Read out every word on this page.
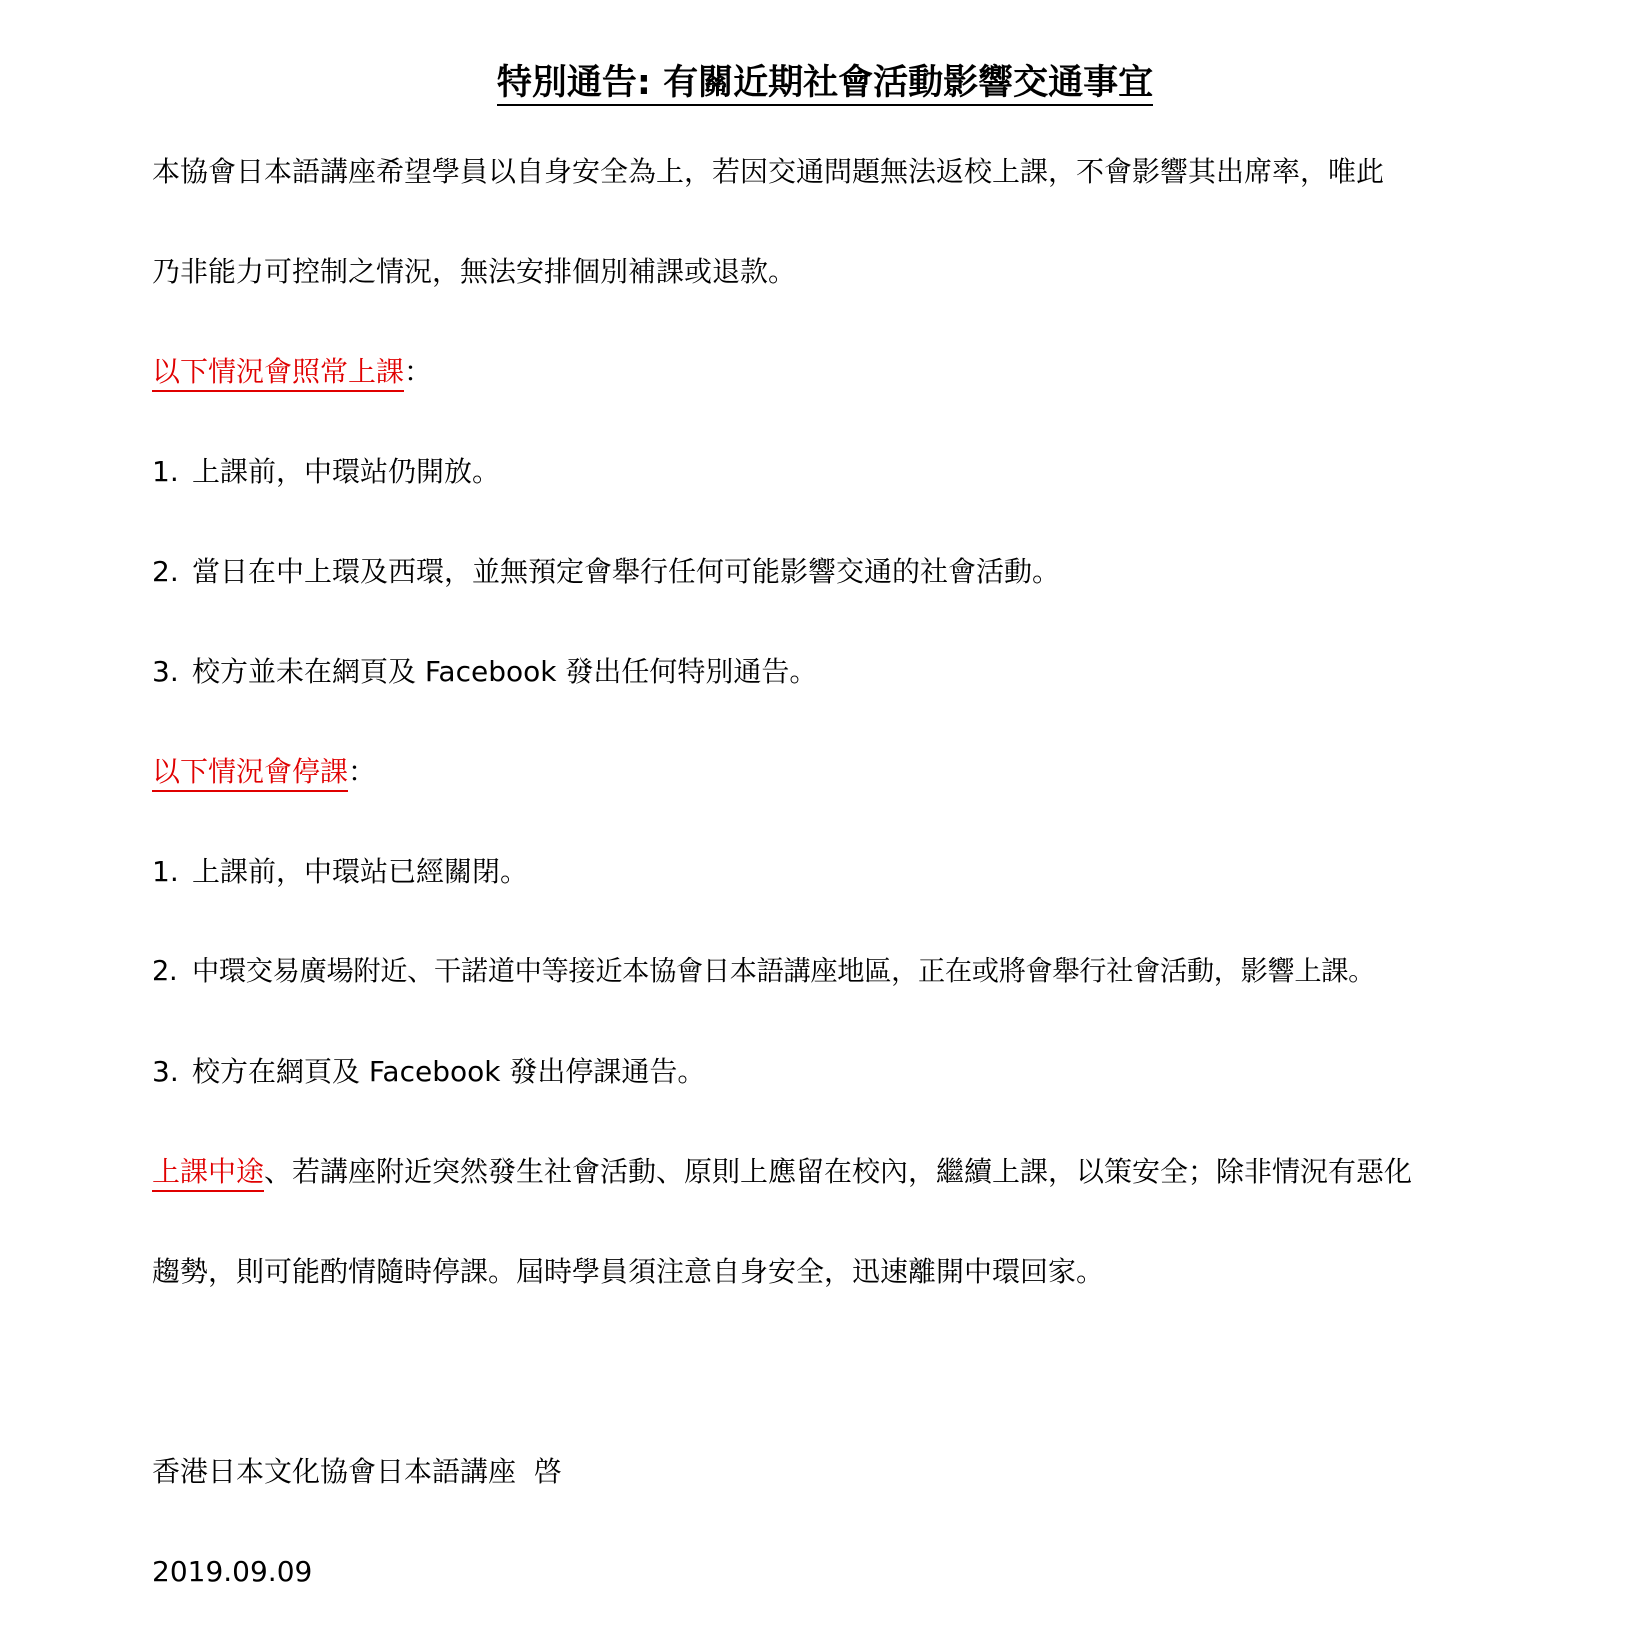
特別通告: 有關近期社會活動影響交通事宜

本協會日本語講座希望學員以自身安全為上，若因交通問題無法返校上課，不會影響其出席率，唯此

乃非能力可控制之情況，無法安排個別補課或退款。

以下情況會照常上課：

1. 上課前，中環站仍開放。

2. 當日在中上環及西環，並無預定會舉行任何可能影響交通的社會活動。

3. 校方並未在網頁及 Facebook 發出任何特別通告。

以下情況會停課：

1. 上課前，中環站已經關閉。

2. 中環交易廣場附近、干諾道中等接近本協會日本語講座地區，正在或將會舉行社會活動，影響上課。

3. 校方在網頁及 Facebook 發出停課通告。

上課中途、若講座附近突然發生社會活動、原則上應留在校內，繼續上課，以策安全；除非情況有惡化

趨勢，則可能酌情隨時停課。屆時學員須注意自身安全，迅速離開中環回家。

香港日本文化協會日本語講座  啓

2019.09.09
